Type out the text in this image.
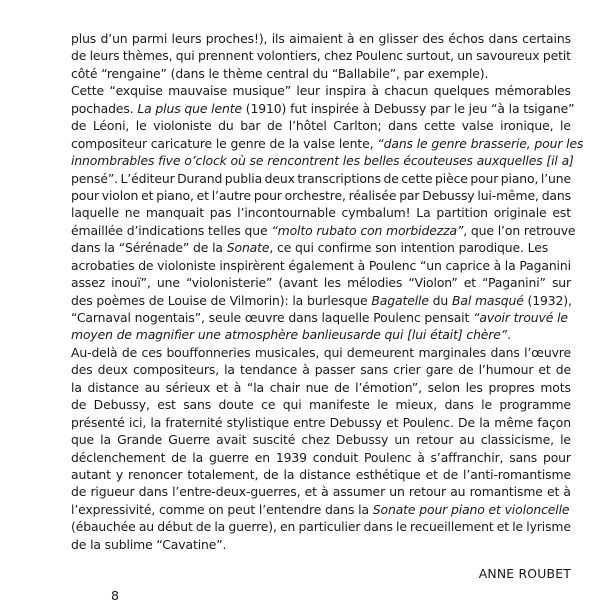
plus d’un parmi leurs proches!), ils aimaient à en glisser des échos dans certains
de leurs thèmes, qui prennent volontiers, chez Poulenc surtout, un savoureux petit
côté “rengaine” (dans le thème central du “Ballabile”, par exemple).
Cette “exquise mauvaise musique” leur inspira à chacun quelques mémorables
pochades. La plus que lente (1910) fut inspirée à Debussy par le jeu “à la tsigane”
de Léoni, le violoniste du bar de l’hôtel Carlton; dans cette valse ironique, le
compositeur caricature le genre de la valse lente, “dans le genre brasserie, pour les
innombrables five o’clock où se rencontrent les belles écouteuses auxquelles [il a]
pensé”. L’éditeur Durand publia deux transcriptions de cette pièce pour piano, l’une
pour violon et piano, et l’autre pour orchestre, réalisée par Debussy lui-même, dans
laquelle ne manquait pas l’incontournable cymbalum! La partition originale est
émaillée d’indications telles que “molto rubato con morbidezza” , que l’on retrouve
dans la “Sérénade” de la Sonate , ce qui confirme son intention parodique. Les
acrobaties de violoniste inspirèrent également à Poulenc “un caprice à la Paganini
assez inouï”, une “violonisterie” (avant les mélodies “Violon” et “Paganini” sur
des poèmes de Louise de Vilmorin): la burlesque Bagatelle du Bal masqué (1932),
“Carnaval nogentais”, seule œuvre dans laquelle Poulenc pensait “avoir trouvé le
moyen de magnifier une atmosphère banlieusarde qui [lui était] chère” .
Au-delà de ces bouffonneries musicales, qui demeurent marginales dans l’œuvre
des deux compositeurs, la tendance à passer sans crier gare de l’humour et de
la distance au sérieux et à “la chair nue de l’émotion”, selon les propres mots
de Debussy, est sans doute ce qui manifeste le mieux, dans le programme
présenté ici, la fraternité stylistique entre Debussy et Poulenc. De la même façon
que la Grande Guerre avait suscité chez Debussy un retour au classicisme, le
déclenchement de la guerre en 1939 conduit Poulenc à s’affranchir, sans pour
autant y renoncer totalement, de la distance esthétique et de l’anti-romantisme
de rigueur dans l’entre-deux-guerres, et à assumer un retour au romantisme et à
l’expressivité, comme on peut l’entendre dans la Sonate pour piano et violoncelle
(ébauchée au début de la guerre), en particulier dans le recueillement et le lyrisme
de la sublime “Cavatine”.
ANNE ROUBET
8
